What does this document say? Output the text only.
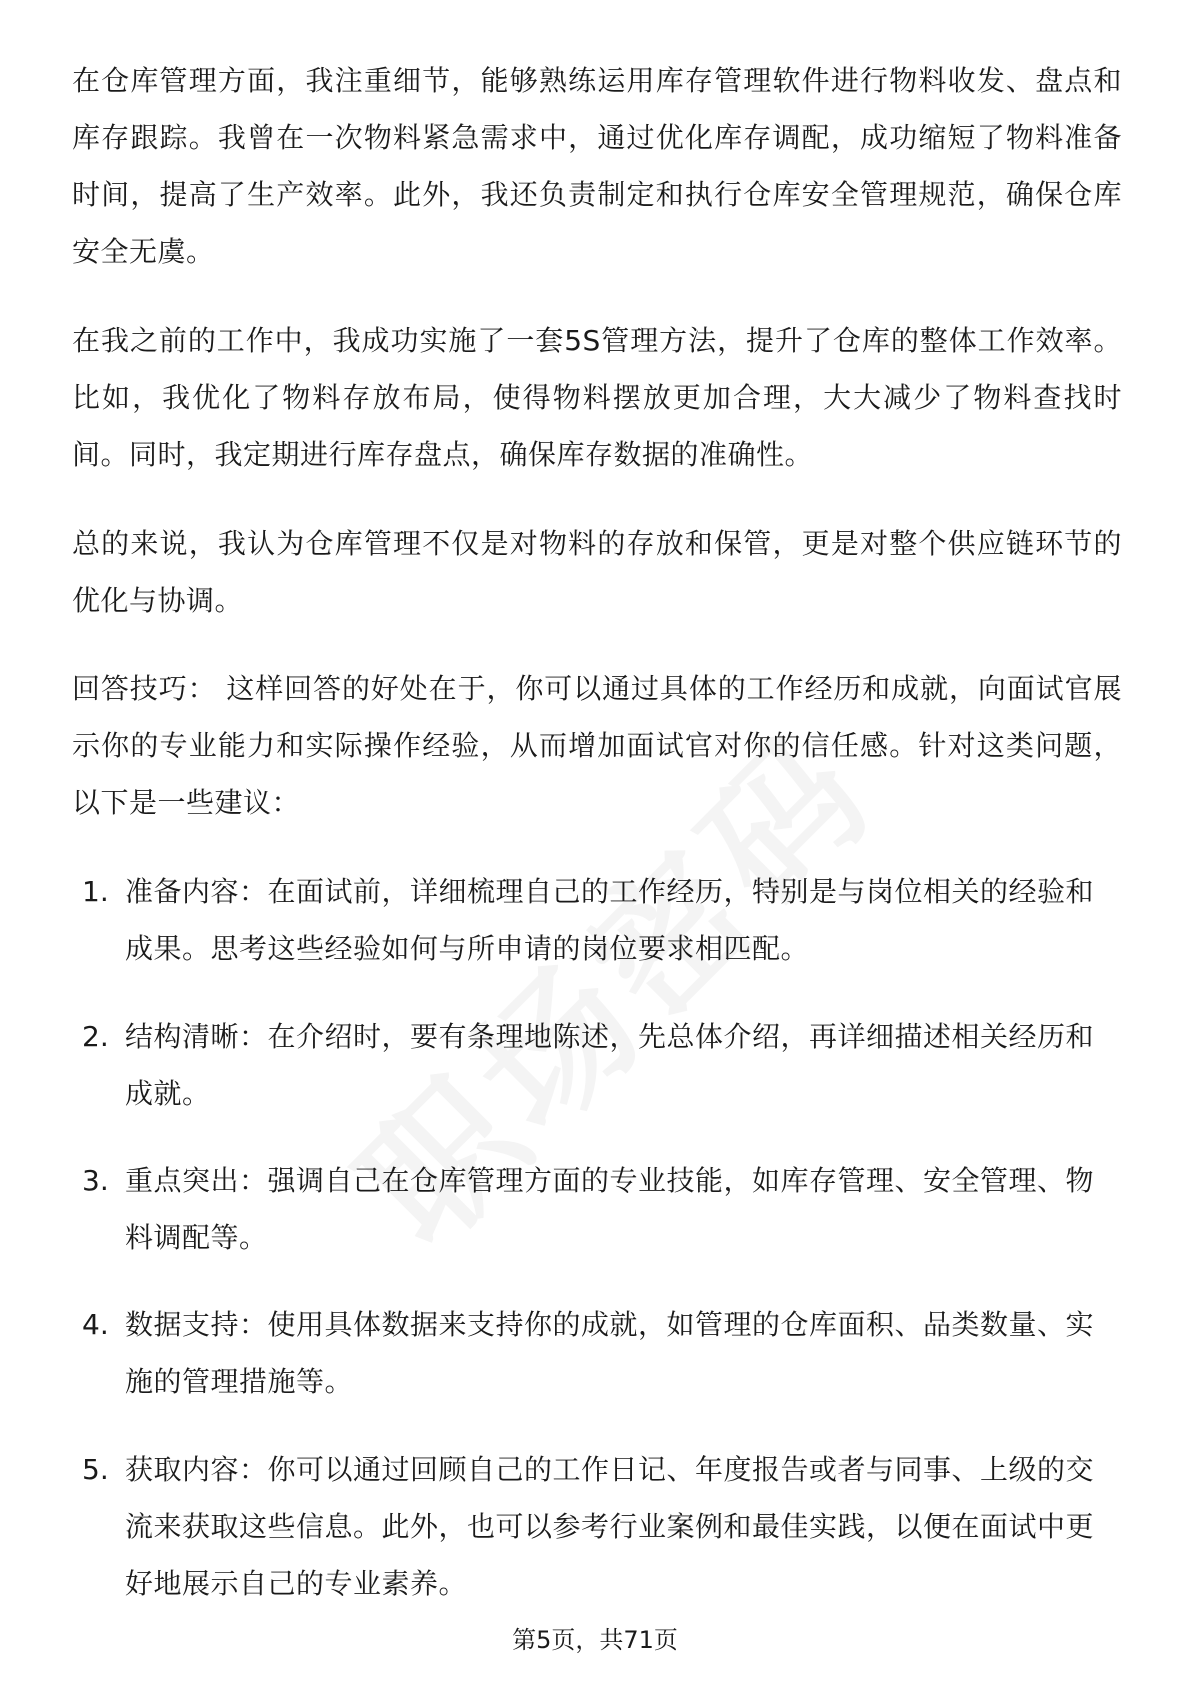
在仓库管理方面，我注重细节，能够熟练运用库存管理软件进行物料收发、盘点和库存跟踪。我曾在一次物料紧急需求中，通过优化库存调配，成功缩短了物料准备时间，提高了生产效率。此外，我还负责制定和执行仓库安全管理规范，确保仓库安全无虞。

在我之前的工作中，我成功实施了一套5S管理方法，提升了仓库的整体工作效率。比如，我优化了物料存放布局，使得物料摆放更加合理，大大减少了物料查找时间。同时，我定期进行库存盘点，确保库存数据的准确性。

总的来说，我认为仓库管理不仅是对物料的存放和保管，更是对整个供应链环节的优化与协调。

回答技巧： 这样回答的好处在于，你可以通过具体的工作经历和成就，向面试官展示你的专业能力和实际操作经验，从而增加面试官对你的信任感。针对这类问题，以下是一些建议：

1. 准备内容：在面试前，详细梳理自己的工作经历，特别是与岗位相关的经验和成果。思考这些经验如何与所申请的岗位要求相匹配。

2. 结构清晰：在介绍时，要有条理地陈述，先总体介绍，再详细描述相关经历和成就。

3. 重点突出：强调自己在仓库管理方面的专业技能，如库存管理、安全管理、物料调配等。

4. 数据支持：使用具体数据来支持你的成就，如管理的仓库面积、品类数量、实施的管理措施等。

5. 获取内容：你可以通过回顾自己的工作日记、年度报告或者与同事、上级的交流来获取这些信息。此外，也可以参考行业案例和最佳实践，以便在面试中更好地展示自己的专业素养。

第5页，共71页
